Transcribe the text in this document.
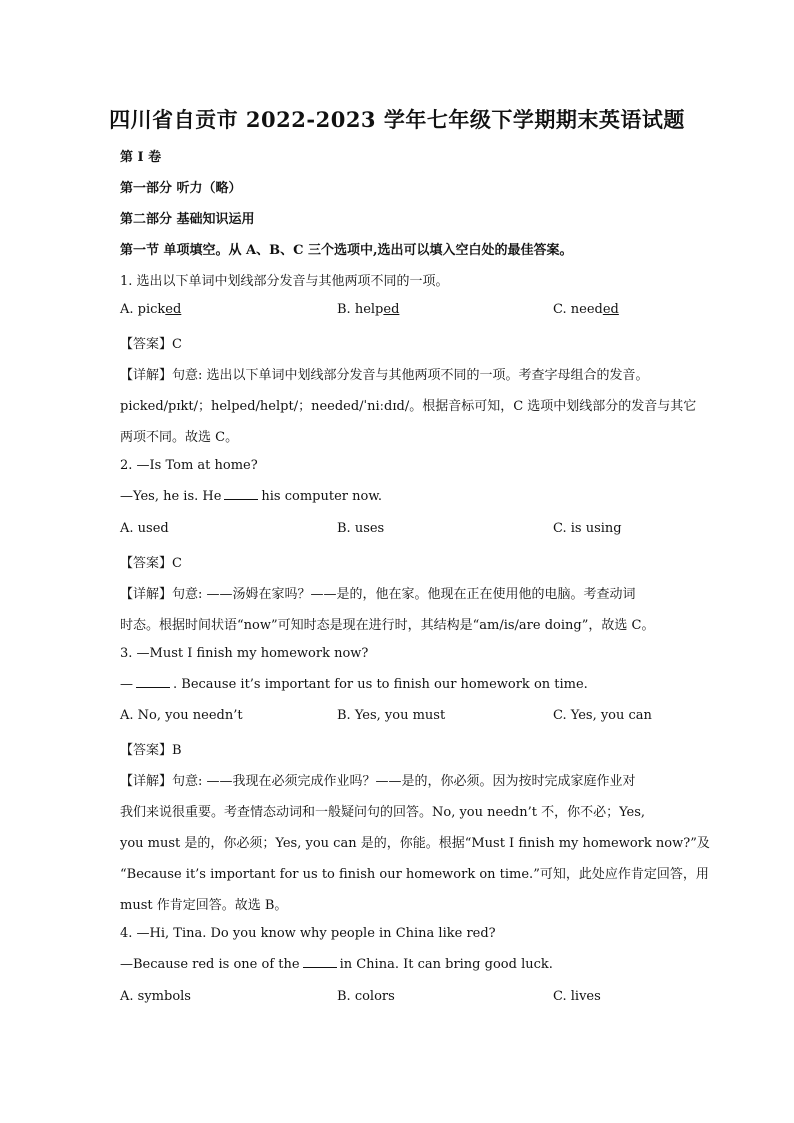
四川省自贡市 2022-2023 学年七年级下学期期末英语试题
第 I 卷
第一部分 听力（略）
第二部分 基础知识运用
第一节 单项填空。从 A、B、C 三个选项中,选出可以填入空白处的最佳答案。
1. 选出以下单词中划线部分发音与其他两项不同的一项。
A. picked	B. helped	C. needed
【答案】C
【详解】句意: 选出以下单词中划线部分发音与其他两项不同的一项。考查字母组合的发音。
picked/pɪkt/；helped/helpt/；needed/ˈniːdɪd/。根据音标可知，C 选项中划线部分的发音与其它
两项不同。故选 C。
2. —Is Tom at home?
—Yes, he is. He	his computer now.
A. used	B. uses	C. is using
【答案】C
【详解】句意: ——汤姆在家吗？——是的，他在家。他现在正在使用他的电脑。考查动词
时态。根据时间状语“now”可知时态是现在进行时，其结构是“am/is/are doing”，故选 C。
3. —Must I finish my homework now?
—	. Because it’s important for us to finish our homework on time.
A. No, you needn’t	B. Yes, you must	C. Yes, you can
【答案】B
【详解】句意: ——我现在必须完成作业吗？——是的，你必须。因为按时完成家庭作业对
我们来说很重要。考查情态动词和一般疑问句的回答。No, you needn’t 不，你不必；Yes,
you must 是的，你必须；Yes, you can 是的，你能。根据“Must I finish my homework now?”及
“Because it’s important for us to finish our homework on time.”可知，此处应作肯定回答，用
must 作肯定回答。故选 B。
4. —Hi, Tina. Do you know why people in China like red?
—Because red is one of the	in China. It can bring good luck.
A. symbols	B. colors	C. lives
